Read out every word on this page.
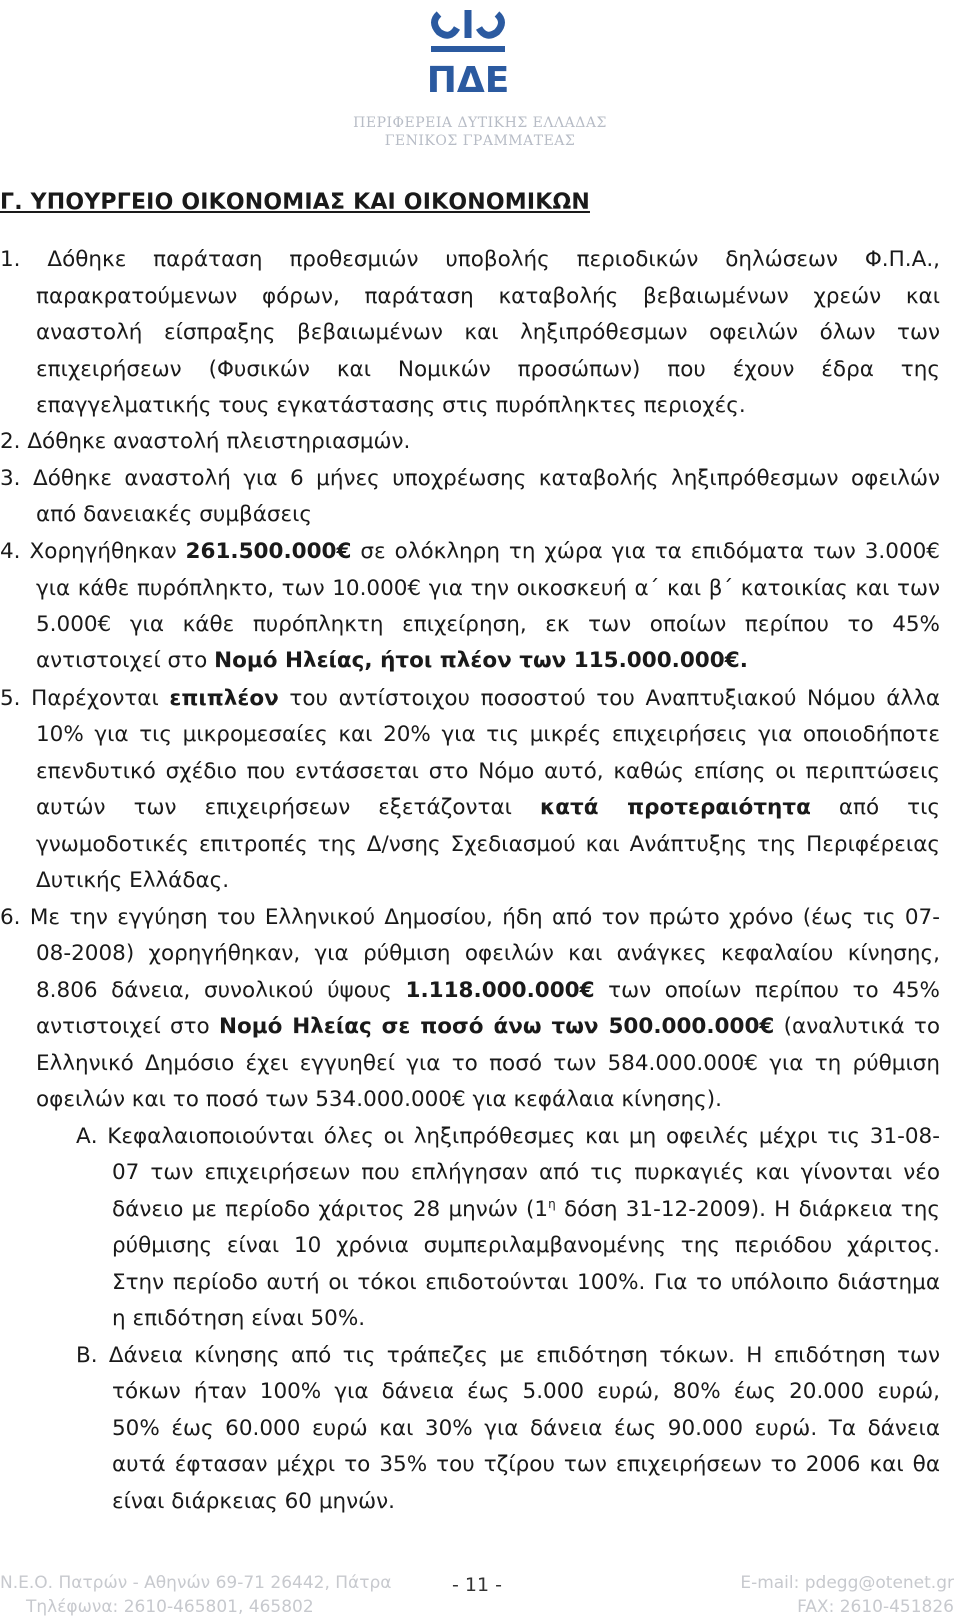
ΠΔΕ
ΠΕΡΙΦΕΡΕΙΑ ΔΥΤΙΚΗΣ ΕΛΛΑΔΑΣ
ΓΕΝΙΚΟΣ ΓΡΑΜΜΑΤΕΑΣ
Γ. ΥΠΟΥΡΓΕΙΟ ΟΙΚΟΝΟΜΙΑΣ ΚΑΙ ΟΙΚΟΝΟΜΙΚΩΝ
1. Δόθηκε παράταση προθεσμιών υποβολής περιοδικών δηλώσεων Φ.Π.Α.,
παρακρατούμενων φόρων, παράταση καταβολής βεβαιωμένων χρεών και
αναστολή είσπραξης βεβαιωμένων και ληξιπρόθεσμων οφειλών όλων των
επιχειρήσεων (Φυσικών και Νομικών προσώπων) που έχουν έδρα της
επαγγελματικής τους εγκατάστασης στις πυρόπληκτες περιοχές.
2. Δόθηκε αναστολή πλειστηριασμών.
3. Δόθηκε αναστολή για 6 μήνες υποχρέωσης καταβολής ληξιπρόθεσμων οφειλών
από δανειακές συμβάσεις
4. Χορηγήθηκαν 261.500.000€ σε ολόκληρη τη χώρα για τα επιδόματα των 3.000€
για κάθε πυρόπληκτο, των 10.000€ για την οικοσκευή α΄ και β΄ κατοικίας και των
5.000€ για κάθε πυρόπληκτη επιχείρηση, εκ των οποίων περίπου το 45%
αντιστοιχεί στο Νομό Ηλείας, ήτοι πλέον των 115.000.000€.
5. Παρέχονται επιπλέον του αντίστοιχου ποσοστού του Αναπτυξιακού Νόμου άλλα
10% για τις μικρομεσαίες και 20% για τις μικρές επιχειρήσεις για οποιοδήποτε
επενδυτικό σχέδιο που εντάσσεται στο Νόμο αυτό, καθώς επίσης οι περιπτώσεις
αυτών των επιχειρήσεων εξετάζονται κατά προτεραιότητα από τις
γνωμοδοτικές επιτροπές της Δ/νσης Σχεδιασμού και Ανάπτυξης της Περιφέρειας
Δυτικής Ελλάδας.
6. Με την εγγύηση του Ελληνικού Δημοσίου, ήδη από τον πρώτο χρόνο (έως τις 07-
08-2008) χορηγήθηκαν, για ρύθμιση οφειλών και ανάγκες κεφαλαίου κίνησης,
8.806 δάνεια, συνολικού ύψους 1.118.000.000€ των οποίων περίπου το 45%
αντιστοιχεί στο Νομό Ηλείας σε ποσό άνω των 500.000.000€ (αναλυτικά το
Ελληνικό Δημόσιο έχει εγγυηθεί για το ποσό των 584.000.000€ για τη ρύθμιση
οφειλών και το ποσό των 534.000.000€ για κεφάλαια κίνησης).
Α. Κεφαλαιοποιούνται όλες οι ληξιπρόθεσμες και μη οφειλές μέχρι τις 31-08-
07 των επιχειρήσεων που επλήγησαν από τις πυρκαγιές και γίνονται νέο
δάνειο με περίοδο χάριτος 28 μηνών ($1^\eta$ δόση 31-12-2009). Η διάρκεια της
ρύθμισης είναι 10 χρόνια συμπεριλαμβανομένης της περιόδου χάριτος.
Στην περίοδο αυτή οι τόκοι επιδοτούνται 100%. Για το υπόλοιπο διάστημα
η επιδότηση είναι 50%.
Β. Δάνεια κίνησης από τις τράπεζες με επιδότηση τόκων. Η επιδότηση των
τόκων ήταν 100% για δάνεια έως 5.000 ευρώ, 80% έως 20.000 ευρώ,
50% έως 60.000 ευρώ και 30% για δάνεια έως 90.000 ευρώ. Τα δάνεια
αυτά έφτασαν μέχρι το 35% του τζίρου των επιχειρήσεων το 2006 και θα
είναι διάρκειας 60 μηνών.
Ν.Ε.Ο. Πατρών - Αθηνών 69-71 26442, Πάτρα
Τηλέφωνα: 2610-465801, 465802
- 11 -	E-mail: pdegg@otenet.gr
FAX: 2610-451826
